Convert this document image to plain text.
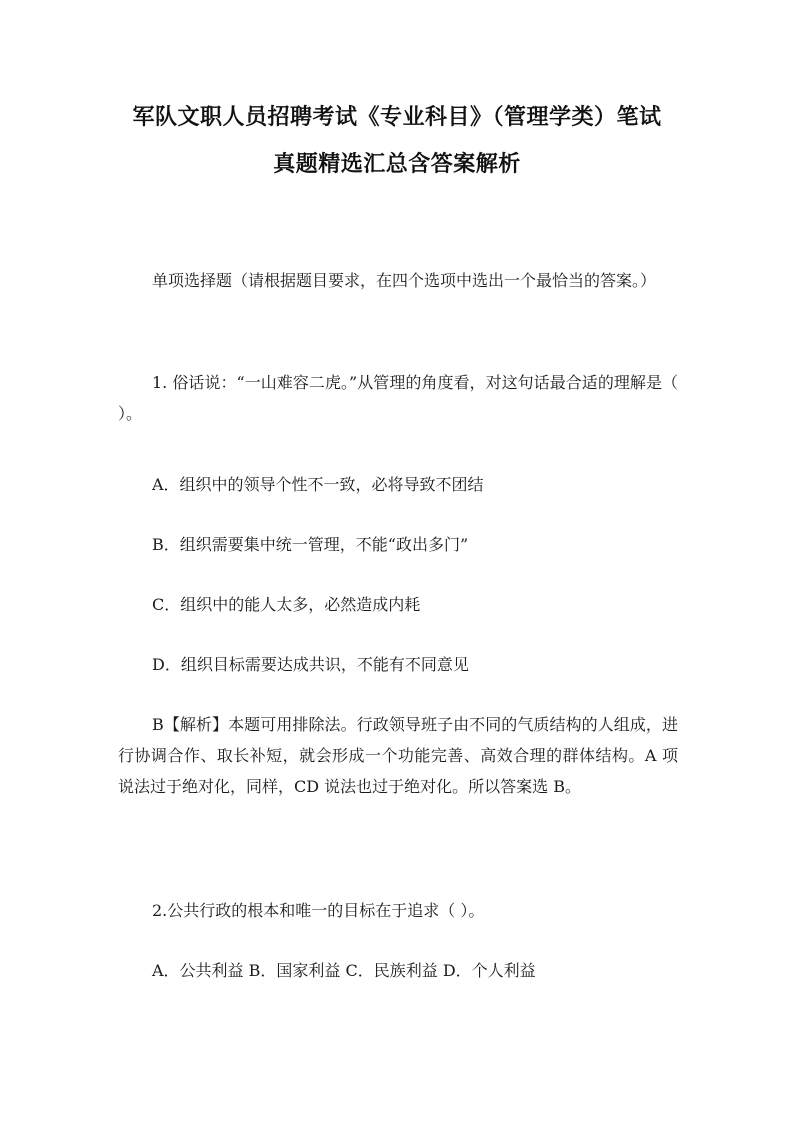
军队文职人员招聘考试《专业科目》（管理学类）笔试
真题精选汇总含答案解析
单项选择题（请根据题目要求，在四个选项中选出一个最恰当的答案。）
1. 俗话说：“一山难容二虎。”从管理的角度看，对这句话最合适的理解是（ ）。
A．组织中的领导个性不一致，必将导致不团结
B．组织需要集中统一管理，不能“政出多门”
C．组织中的能人太多，必然造成内耗
D．组织目标需要达成共识，不能有不同意见
B【解析】本题可用排除法。行政领导班子由不同的气质结构的人组成，进行协调合作、取长补短，就会形成一个功能完善、高效合理的群体结构。A 项说法过于绝对化，同样，CD 说法也过于绝对化。所以答案选 B。
2.公共行政的根本和唯一的目标在于追求（ ）。
A．公共利益 B．国家利益 C．民族利益 D．个人利益
